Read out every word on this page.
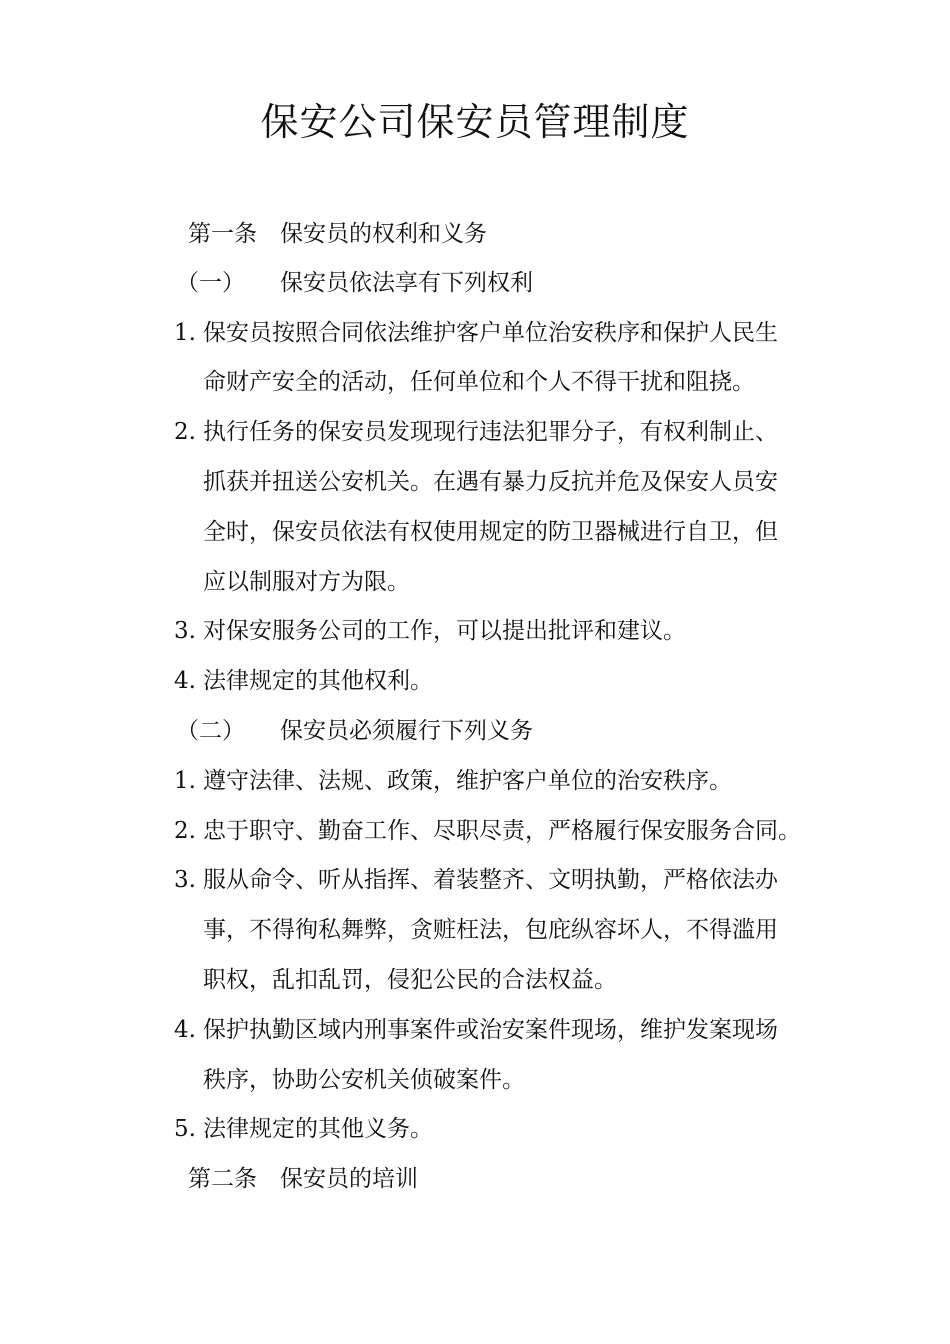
保安公司保安员管理制度
第一条 保安员的权利和义务
（一） 保安员依法享有下列权利
1. 保安员按照合同依法维护客户单位治安秩序和保护人民生
命财产安全的活动，任何单位和个人不得干扰和阻挠。
2. 执行任务的保安员发现现行违法犯罪分子，有权利制止、
抓获并扭送公安机关。在遇有暴力反抗并危及保安人员安
全时，保安员依法有权使用规定的防卫器械进行自卫，但
应以制服对方为限。
3. 对保安服务公司的工作，可以提出批评和建议。
4. 法律规定的其他权利。
（二） 保安员必须履行下列义务
1. 遵守法律、法规、政策，维护客户单位的治安秩序。
2. 忠于职守、勤奋工作、尽职尽责，严格履行保安服务合同。
3. 服从命令、听从指挥、着装整齐、文明执勤，严格依法办
事，不得徇私舞弊，贪赃枉法，包庇纵容坏人，不得滥用
职权，乱扣乱罚，侵犯公民的合法权益。
4. 保护执勤区域内刑事案件或治安案件现场，维护发案现场
秩序，协助公安机关侦破案件。
5. 法律规定的其他义务。
第二条 保安员的培训
